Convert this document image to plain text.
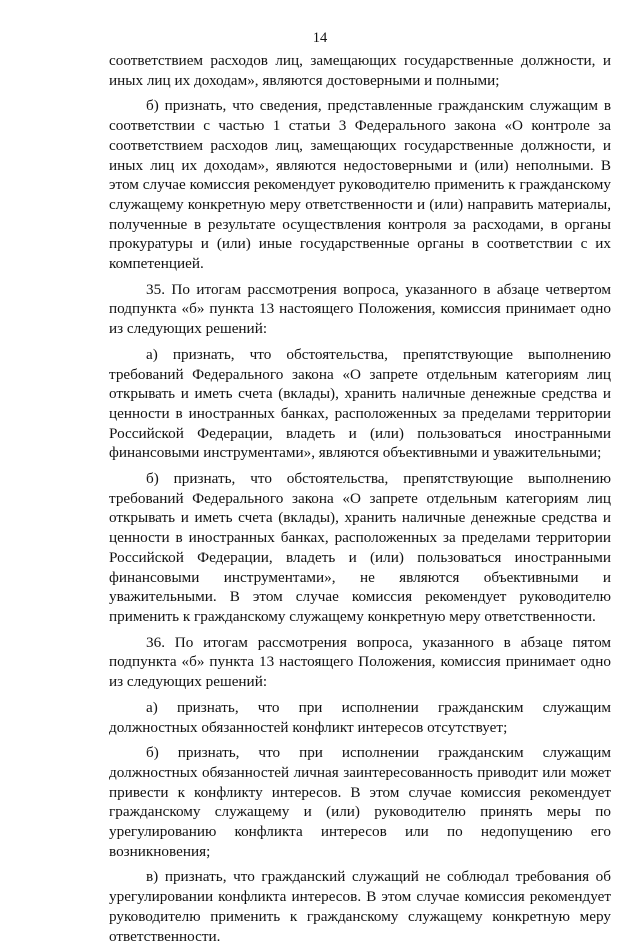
14

соответствием расходов лиц, замещающих государственные должности, и иных лиц их доходам», являются достоверными и полными;

б) признать, что сведения, представленные гражданским служащим в соответствии с частью 1 статьи 3 Федерального закона «О контроле за соответствием расходов лиц, замещающих государственные должности, и иных лиц их доходам», являются недостоверными и (или) неполными. В этом случае комиссия рекомендует руководителю применить к гражданскому служащему конкретную меру ответственности и (или) направить материалы, полученные в результате осуществления контроля за расходами, в органы прокуратуры и (или) иные государственные органы в соответствии с их компетенцией.

35. По итогам рассмотрения вопроса, указанного в абзаце четвертом подпункта «б» пункта 13 настоящего Положения, комиссия принимает одно из следующих решений:

а) признать, что обстоятельства, препятствующие выполнению требований Федерального закона «О запрете отдельным категориям лиц открывать и иметь счета (вклады), хранить наличные денежные средства и ценности в иностранных банках, расположенных за пределами территории Российской Федерации, владеть и (или) пользоваться иностранными финансовыми инструментами», являются объективными и уважительными;

б) признать, что обстоятельства, препятствующие выполнению требований Федерального закона «О запрете отдельным категориям лиц открывать и иметь счета (вклады), хранить наличные денежные средства и ценности в иностранных банках, расположенных за пределами территории Российской Федерации, владеть и (или) пользоваться иностранными финансовыми инструментами», не являются объективными и уважительными. В этом случае комиссия рекомендует руководителю применить к гражданскому служащему конкретную меру ответственности.

36. По итогам рассмотрения вопроса, указанного в абзаце пятом подпункта «б» пункта 13 настоящего Положения, комиссия принимает одно из следующих решений:

а) признать, что при исполнении гражданским служащим должностных обязанностей конфликт интересов отсутствует;

б) признать, что при исполнении гражданским служащим должностных обязанностей личная заинтересованность приводит или может привести к конфликту интересов. В этом случае комиссия рекомендует гражданскому служащему и (или) руководителю принять меры по урегулированию конфликта интересов или по недопущению его возникновения;

в) признать, что гражданский служащий не соблюдал требования об урегулировании конфликта интересов. В этом случае комиссия рекомендует руководителю применить к гражданскому служащему конкретную меру ответственности.
